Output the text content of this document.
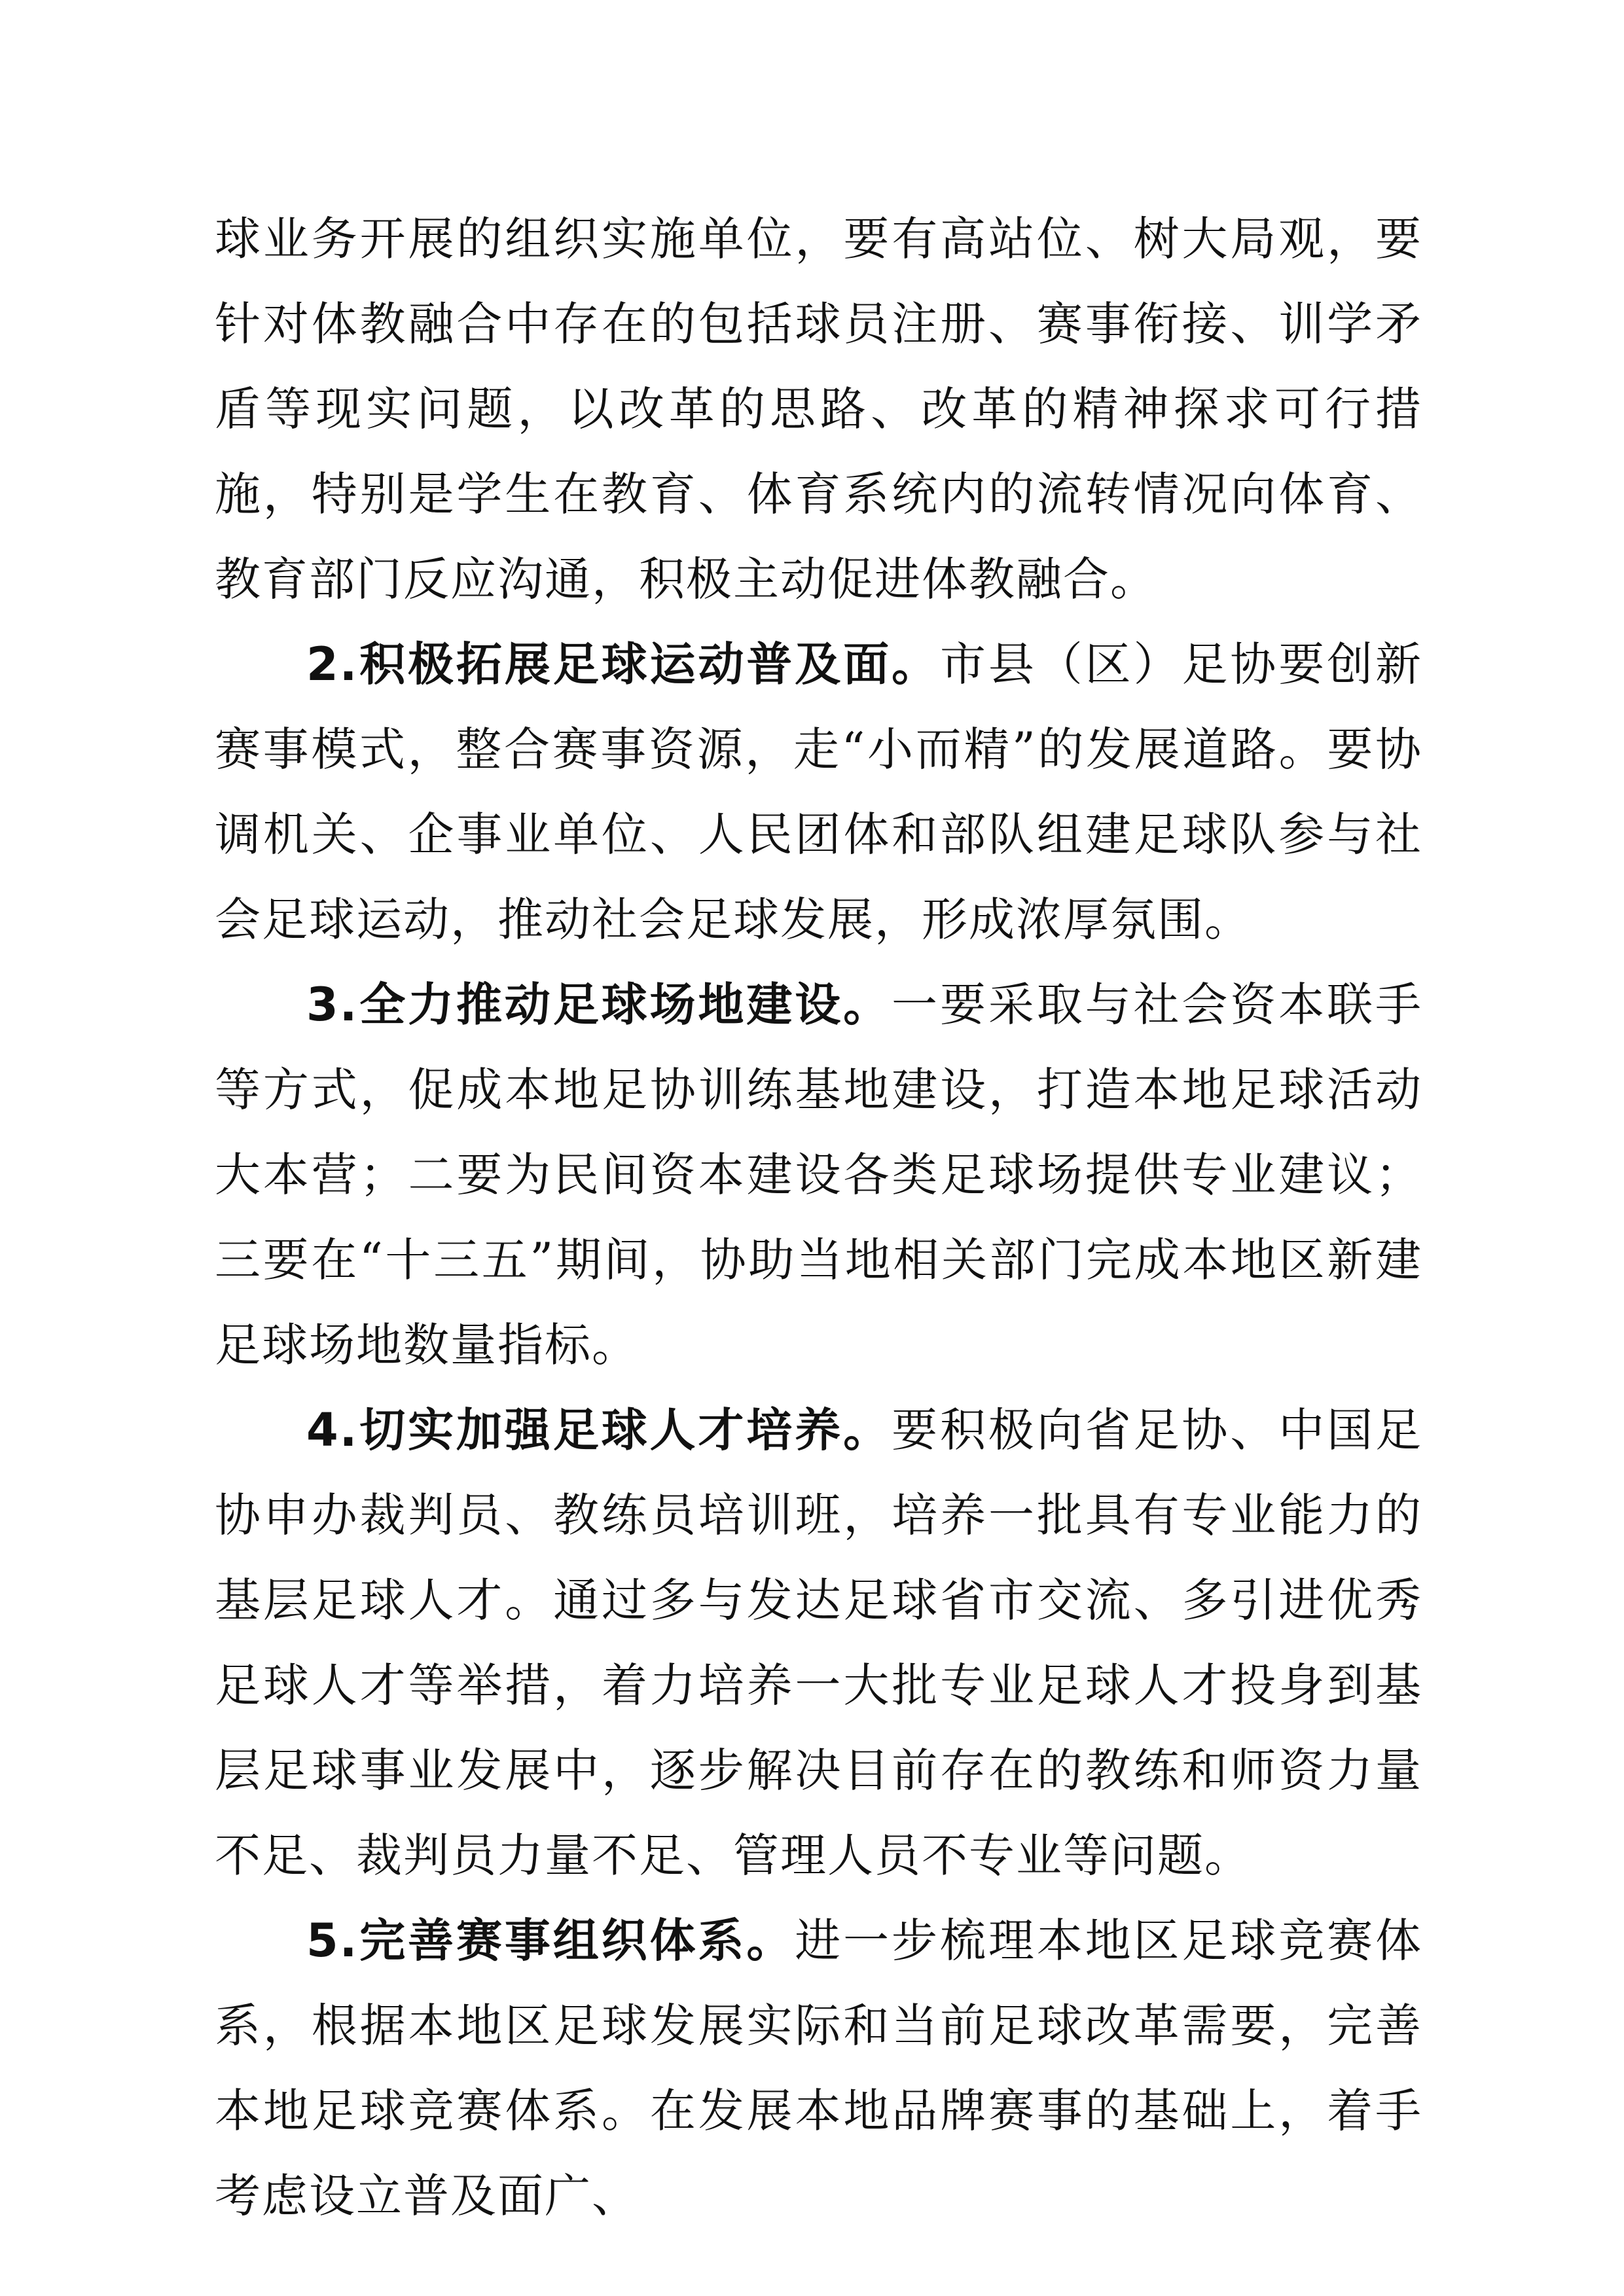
球业务开展的组织实施单位，要有高站位、树大局观，要针对体教融合中存在的包括球员注册、赛事衔接、训学矛盾等现实问题，以改革的思路、改革的精神探求可行措施，特别是学生在教育、体育系统内的流转情况向体育、教育部门反应沟通，积极主动促进体教融合。

2.积极拓展足球运动普及面。市县（区）足协要创新赛事模式，整合赛事资源，走“小而精”的发展道路。要协调机关、企事业单位、人民团体和部队组建足球队参与社会足球运动，推动社会足球发展，形成浓厚氛围。

3.全力推动足球场地建设。一要采取与社会资本联手等方式，促成本地足协训练基地建设，打造本地足球活动大本营；二要为民间资本建设各类足球场提供专业建议；三要在“十三五”期间，协助当地相关部门完成本地区新建足球场地数量指标。

4.切实加强足球人才培养。要积极向省足协、中国足协申办裁判员、教练员培训班，培养一批具有专业能力的基层足球人才。通过多与发达足球省市交流、多引进优秀足球人才等举措，着力培养一大批专业足球人才投身到基层足球事业发展中，逐步解决目前存在的教练和师资力量不足、裁判员力量不足、管理人员不专业等问题。

5.完善赛事组织体系。进一步梳理本地区足球竞赛体系，根据本地区足球发展实际和当前足球改革需要，完善本地足球竞赛体系。在发展本地品牌赛事的基础上，着手考虑设立普及面广、
